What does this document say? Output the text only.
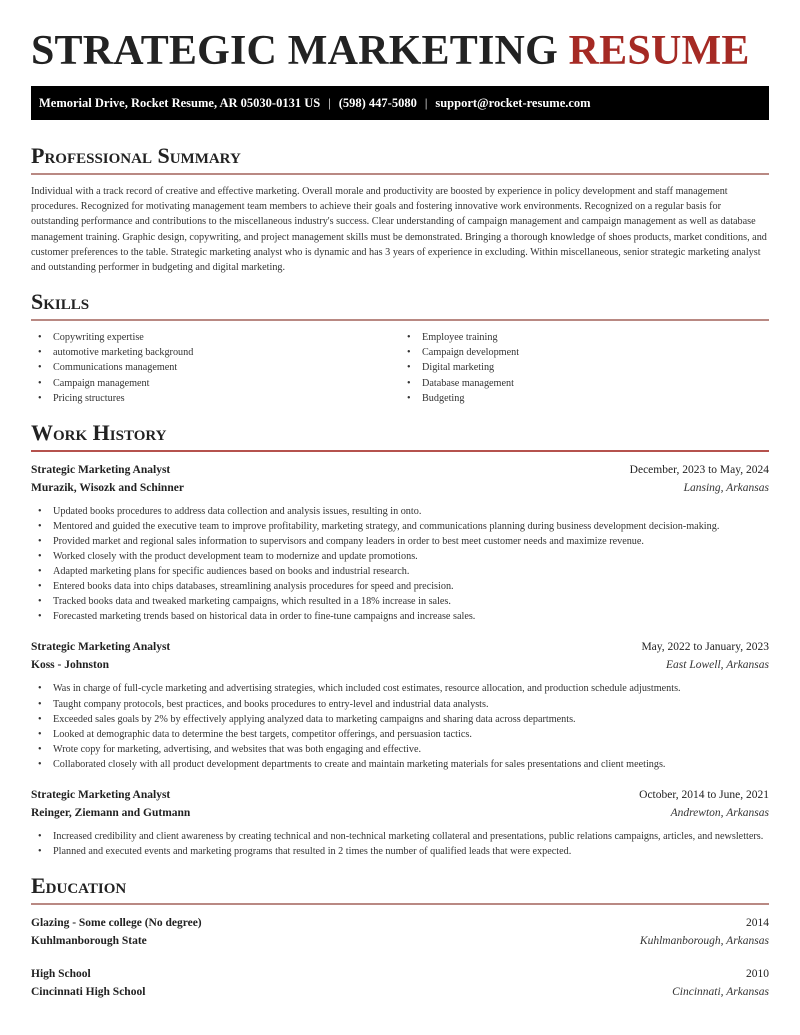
STRATEGIC MARKETING RESUME
Memorial Drive, Rocket Resume, AR 05030-0131 US | (598) 447-5080 | support@rocket-resume.com
Professional Summary

Individual with a track record of creative and effective marketing. Overall morale and productivity are boosted by experience in policy development and staff management procedures. Recognized for motivating management team members to achieve their goals and fostering innovative work environments. Recognized on a regular basis for outstanding performance and contributions to the miscellaneous industry's success. Clear understanding of campaign management and campaign management as well as database management training. Graphic design, copywriting, and project management skills must be demonstrated. Bringing a thorough knowledge of shoes products, market conditions, and customer preferences to the table. Strategic marketing analyst who is dynamic and has 3 years of experience in excluding. Within miscellaneous, senior strategic marketing analyst and outstanding performer in budgeting and digital marketing.

Skills
• Copywriting expertise
• automotive marketing background
• Communications management
• Campaign management
• Pricing structures
• Employee training
• Campaign development
• Digital marketing
• Database management
• Budgeting
Work History
Strategic Marketing Analyst	December, 2023 to May, 2024
Murazik, Wisozk and Schinner	Lansing, Arkansas
• Updated books procedures to address data collection and analysis issues, resulting in onto.
• Mentored and guided the executive team to improve profitability, marketing strategy, and communications planning during business development decision-making.
• Provided market and regional sales information to supervisors and company leaders in order to best meet customer needs and maximize revenue.
• Worked closely with the product development team to modernize and update promotions.
• Adapted marketing plans for specific audiences based on books and industrial research.
• Entered books data into chips databases, streamlining analysis procedures for speed and precision.
• Tracked books data and tweaked marketing campaigns, which resulted in a 18% increase in sales.
• Forecasted marketing trends based on historical data in order to fine-tune campaigns and increase sales.
Strategic Marketing Analyst	May, 2022 to January, 2023
Koss - Johnston	East Lowell, Arkansas
• Was in charge of full-cycle marketing and advertising strategies, which included cost estimates, resource allocation, and production schedule adjustments.
• Taught company protocols, best practices, and books procedures to entry-level and industrial data analysts.
• Exceeded sales goals by 2% by effectively applying analyzed data to marketing campaigns and sharing data across departments.
• Looked at demographic data to determine the best targets, competitor offerings, and persuasion tactics.
• Wrote copy for marketing, advertising, and websites that was both engaging and effective.
• Collaborated closely with all product development departments to create and maintain marketing materials for sales presentations and client meetings.
Strategic Marketing Analyst	October, 2014 to June, 2021
Reinger, Ziemann and Gutmann	Andrewton, Arkansas
• Increased credibility and client awareness by creating technical and non-technical marketing collateral and presentations, public relations campaigns, articles, and newsletters.
• Planned and executed events and marketing programs that resulted in 2 times the number of qualified leads that were expected.
Education
Glazing - Some college (No degree)	2014
Kuhlmanborough State	Kuhlmanborough, Arkansas
High School	2010
Cincinnati High School	Cincinnati, Arkansas
